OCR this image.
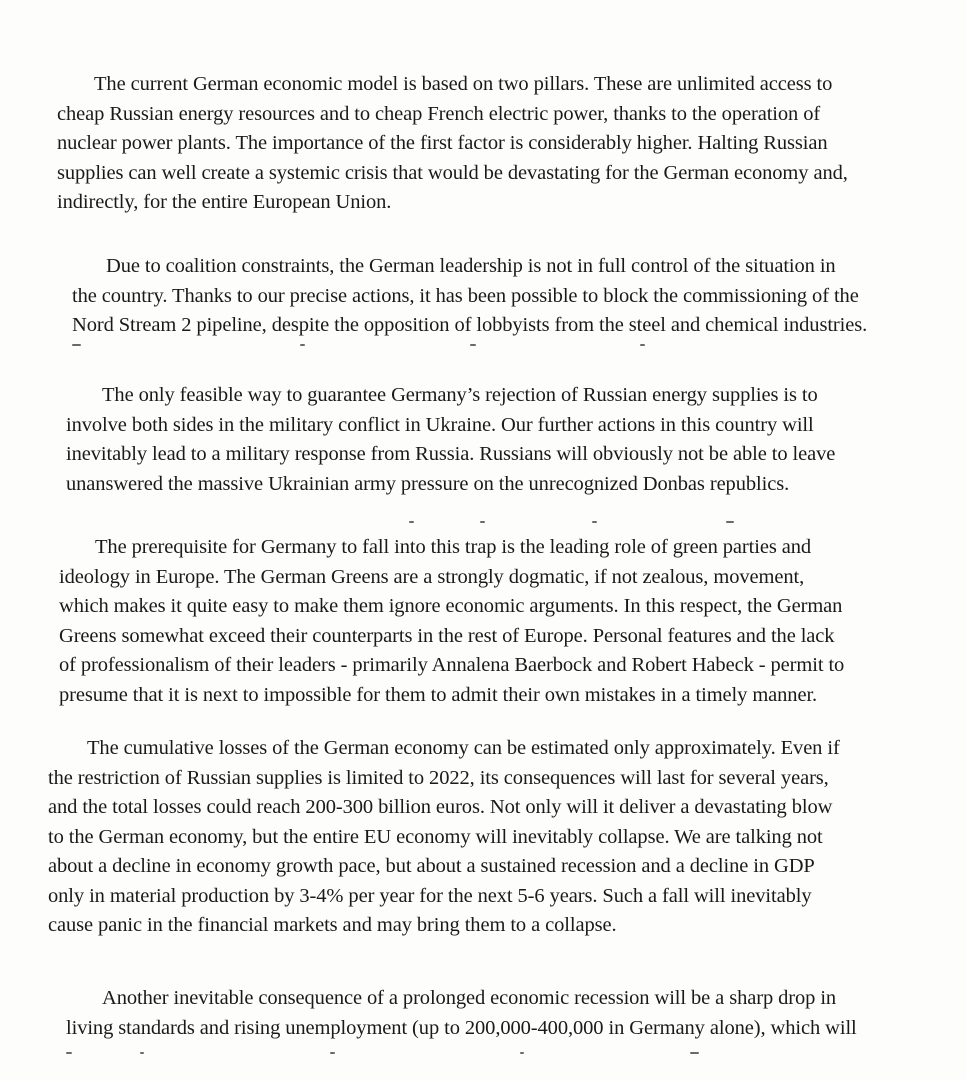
The current German economic model is based on two pillars. These are unlimited access to
cheap Russian energy resources and to cheap French electric power, thanks to the operation of
nuclear power plants. The importance of the first factor is considerably higher. Halting Russian
supplies can well create a systemic crisis that would be devastating for the German economy and,
indirectly, for the entire European Union.

Due to coalition constraints, the German leadership is not in full control of the situation in
the country. Thanks to our precise actions, it has been possible to block the commissioning of the
Nord Stream 2 pipeline, despite the opposition of lobbyists from the steel and chemical industries.

The only feasible way to guarantee Germany’s rejection of Russian energy supplies is to
involve both sides in the military conflict in Ukraine. Our further actions in this country will
inevitably lead to a military response from Russia. Russians will obviously not be able to leave
unanswered the massive Ukrainian army pressure on the unrecognized Donbas republics.

The prerequisite for Germany to fall into this trap is the leading role of green parties and
ideology in Europe. The German Greens are a strongly dogmatic, if not zealous, movement,
which makes it quite easy to make them ignore economic arguments. In this respect, the German
Greens somewhat exceed their counterparts in the rest of Europe. Personal features and the lack
of professionalism of their leaders - primarily Annalena Baerbock and Robert Habeck - permit to
presume that it is next to impossible for them to admit their own mistakes in a timely manner.

The cumulative losses of the German economy can be estimated only approximately. Even if
the restriction of Russian supplies is limited to 2022, its consequences will last for several years,
and the total losses could reach 200-300 billion euros. Not only will it deliver a devastating blow
to the German economy, but the entire EU economy will inevitably collapse. We are talking not
about a decline in economy growth pace, but about a sustained recession and a decline in GDP
only in material production by 3-4% per year for the next 5-6 years. Such a fall will inevitably
cause panic in the financial markets and may bring them to a collapse.

Another inevitable consequence of a prolonged economic recession will be a sharp drop in
living standards and rising unemployment (up to 200,000-400,000 in Germany alone), which will
